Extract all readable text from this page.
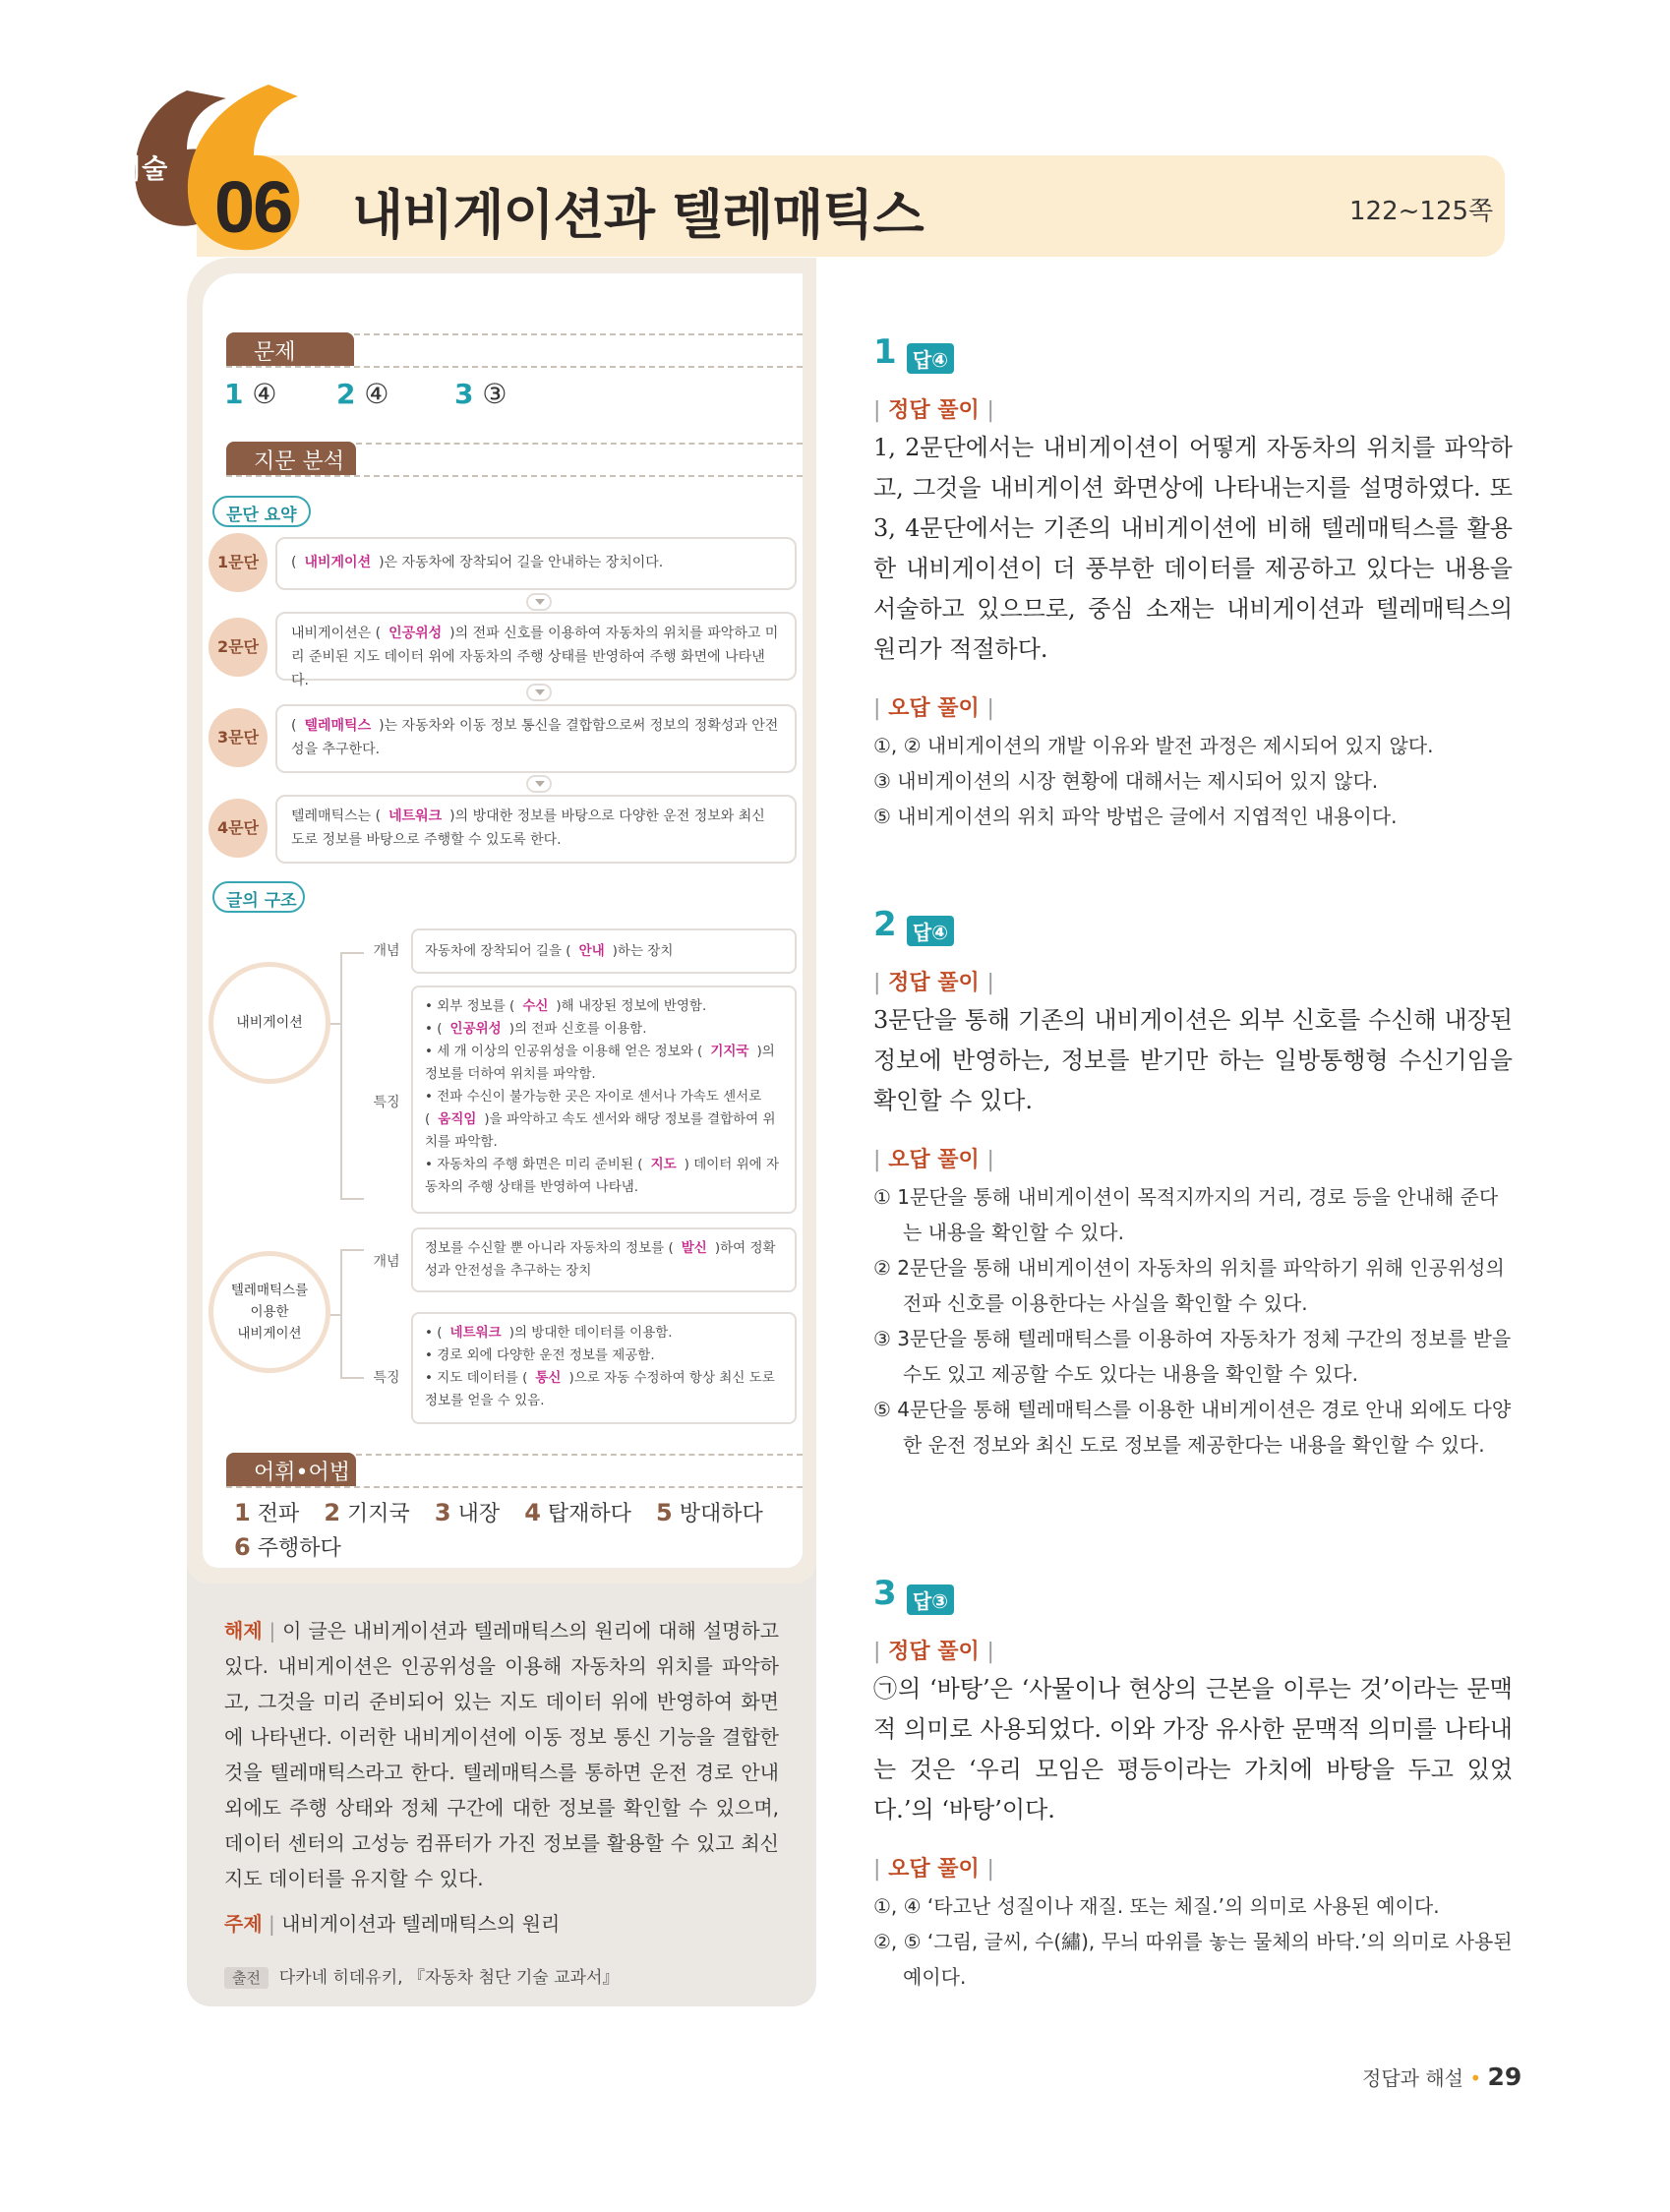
기술 06 내비게이션과 텔레매틱스	122~125쪽
문제
1 ④	2 ④	3 ③
지문 분석
문단 요약
1문단	( 내비게이션 )은 자동차에 장착되어 길을 안내하는 장치이다.
2문단
내비게이션은 ( 인공위성 )의 전파 신호를 이용하여 자동차의 위치를 파악하고 미리 준비된 지도 데이터 위에 자동차의 주행 상태를 반영하여 주행 화면에 나타낸다.
3문단
( 텔레매틱스 )는 자동차와 이동 정보 통신을 결합함으로써 정보의 정확성과 안전성을 추구한다.
4문단
텔레매틱스는 ( 네트워크 )의 방대한 정보를 바탕으로 다양한 운전 정보와 최신 도로 정보를 바탕으로 주행할 수 있도록 한다.
글의 구조
내비게이션
개념	자동차에 장착되어 길을 ( 안내 )하는 장치
특징
• 외부 정보를 ( 수신 )해 내장된 정보에 반영함.
• ( 인공위성 )의 전파 신호를 이용함.
• 세 개 이상의 인공위성을 이용해 얻은 정보와 ( 기지국 )의 정보를 더하여 위치를 파악함.
• 전파 수신이 불가능한 곳은 자이로 센서나 가속도 센서로 ( 움직임 )을 파악하고 속도 센서와 해당 정보를 결합하여 위치를 파악함.
• 자동차의 주행 화면은 미리 준비된 ( 지도 ) 데이터 위에 자동차의 주행 상태를 반영하여 나타냄.
텔레매틱스를
이용한
내비게이션
개념
정보를 수신할 뿐 아니라 자동차의 정보를 ( 발신 )하여 정확성과 안전성을 추구하는 장치
특징
• ( 네트워크 )의 방대한 데이터를 이용함.
• 경로 외에 다양한 운전 정보를 제공함.
• 지도 데이터를 ( 통신 )으로 자동 수정하여 항상 최신 도로 정보를 얻을 수 있음.
어휘•어법
1 전파 2 기지국 3 내장 4 탑재하다 5 방대하다
6 주행하다
해제 | 이 글은 내비게이션과 텔레매틱스의 원리에 대해 설명하고 있다. 내비게이션은 인공위성을 이용해 자동차의 위치를 파악하고, 그것을 미리 준비되어 있는 지도 데이터 위에 반영하여 화면에 나타낸다. 이러한 내비게이션에 이동 정보 통신 기능을 결합한 것을 텔레매틱스라고 한다. 텔레매틱스를 통하면 운전 경로 안내 외에도 주행 상태와 정체 구간에 대한 정보를 확인할 수 있으며, 데이터 센터의 고성능 컴퓨터가 가진 정보를 활용할 수 있고 최신 지도 데이터를 유지할 수 있다.
주제 | 내비게이션과 텔레매틱스의 원리
출전 다카네 히데유키, 『자동차 첨단 기술 교과서』
1 답④
| 정답 풀이 |
1, 2문단에서는 내비게이션이 어떻게 자동차의 위치를 파악하고, 그것을 내비게이션 화면상에 나타내는지를 설명하였다. 또 3, 4문단에서는 기존의 내비게이션에 비해 텔레매틱스를 활용한 내비게이션이 더 풍부한 데이터를 제공하고 있다는 내용을 서술하고 있으므로, 중심 소재는 내비게이션과 텔레매틱스의 원리가 적절하다.
| 오답 풀이 |
①, ② 내비게이션의 개발 이유와 발전 과정은 제시되어 있지 않다.
③ 내비게이션의 시장 현황에 대해서는 제시되어 있지 않다.
⑤ 내비게이션의 위치 파악 방법은 글에서 지엽적인 내용이다.
2 답④
| 정답 풀이 |
3문단을 통해 기존의 내비게이션은 외부 신호를 수신해 내장된 정보에 반영하는, 정보를 받기만 하는 일방통행형 수신기임을 확인할 수 있다.
| 오답 풀이 |
① 1문단을 통해 내비게이션이 목적지까지의 거리, 경로 등을 안내해 준다는 내용을 확인할 수 있다.
② 2문단을 통해 내비게이션이 자동차의 위치를 파악하기 위해 인공위성의 전파 신호를 이용한다는 사실을 확인할 수 있다.
③ 3문단을 통해 텔레매틱스를 이용하여 자동차가 정체 구간의 정보를 받을 수도 있고 제공할 수도 있다는 내용을 확인할 수 있다.
⑤ 4문단을 통해 텔레매틱스를 이용한 내비게이션은 경로 안내 외에도 다양한 운전 정보와 최신 도로 정보를 제공한다는 내용을 확인할 수 있다.
3 답③
| 정답 풀이 |
㉠의 ‘바탕’은 ‘사물이나 현상의 근본을 이루는 것’이라는 문맥적 의미로 사용되었다. 이와 가장 유사한 문맥적 의미를 나타내는 것은 ‘우리 모임은 평등이라는 가치에 바탕을 두고 있었다.’의 ‘바탕’이다.
| 오답 풀이 |
①, ④ ‘타고난 성질이나 재질. 또는 체질.’의 의미로 사용된 예이다.
②, ⑤ ‘그림, 글씨, 수(繡), 무늬 따위를 놓는 물체의 바닥.’의 의미로 사용된 예이다.
정답과 해설 • 29
